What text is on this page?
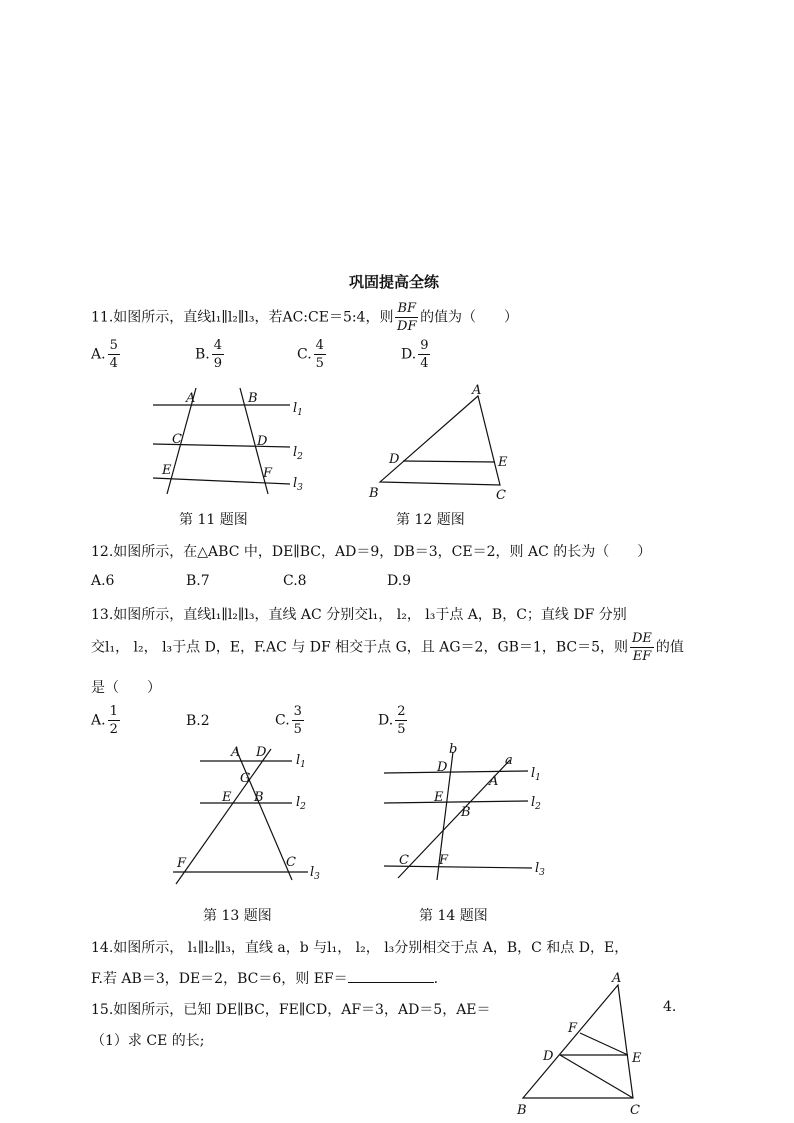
巩固提高全练
11.如图所示，直线l₁∥l₂∥l₃，若AC:CE＝5:4，则 $\frac{BF}{DF}$ 的值为（　　）
A. $\frac{5}{4}$	B. $\frac{4}{9}$	C. $\frac{4}{5}$	D. $\frac{9}{4}$
A	B
C	D
E	F
$l_1$
$l_2$
$l_3$
A
B	C
D	E
A D
G
E B
F	C
$l_1$
$l_2$
$l_3$
b
a
D
A
E
B
C F
$l_1$
$l_2$
$l_3$
A
B	C
D	E
F
第 11 题图	第 12 题图
12.如图所示，在△ABC 中，DE∥BC，AD＝9，DB＝3，CE＝2，则 AC 的长为（　　）
A.6	B.7	C.8	D.9
13.如图所示，直线l₁∥l₂∥l₃，直线 AC 分别交l₁， l₂， l₃于点 A，B，C；直线 DF 分别
交l₁， l₂， l₃于点 D，E，F.AC 与 DF 相交于点 G，且 AG＝2，GB＝1，BC＝5，则 $\frac{DE}{EF}$ 的值
是（　　）
A. $\frac{1}{2}$	B.2	C. $\frac{3}{5}$	D. $\frac{2}{5}$
第 13 题图	第 14 题图
14.如图所示， l₁∥l₂∥l₃，直线 a，b 与l₁， l₂， l₃分别相交于点 A，B，C 和点 D，E，
F.若 AB＝3，DE＝2，BC＝6，则 EF＝	.
15.如图所示，已知 DE∥BC，FE∥CD，AF＝3，AD＝5，AE＝	4.
（1）求 CE 的长;
